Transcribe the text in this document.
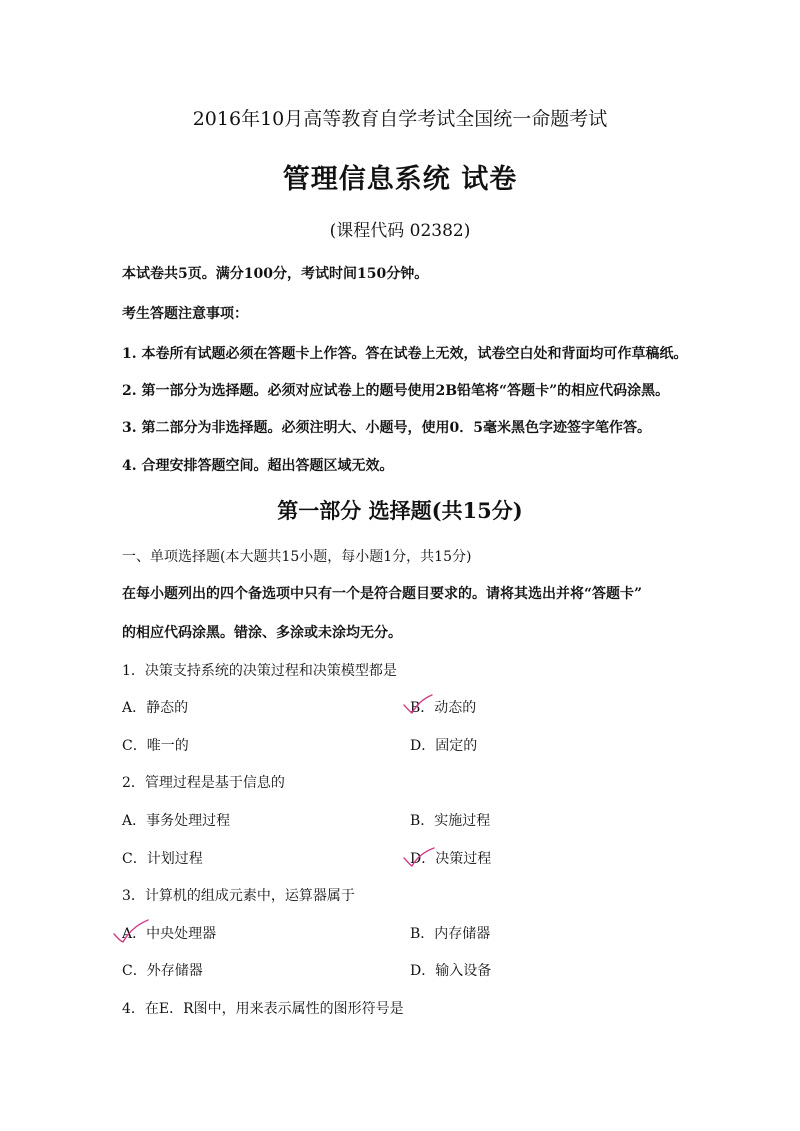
2016年10月高等教育自学考试全国统一命题考试
管理信息系统 试卷
(课程代码 02382)
本试卷共5页。满分100分，考试时间150分钟。
考生答题注意事项：
1. 本卷所有试题必须在答题卡上作答。答在试卷上无效，试卷空白处和背面均可作草稿纸。
2. 第一部分为选择题。必须对应试卷上的题号使用2B铅笔将“答题卡”的相应代码涂黑。
3. 第二部分为非选择题。必须注明大、小题号，使用0．5毫米黑色字迹签字笔作答。
4. 合理安排答题空间。超出答题区域无效。
第一部分 选择题(共15分)
一、单项选择题(本大题共15小题，每小题1分，共15分)
在每小题列出的四个备选项中只有一个是符合题目要求的。请将其选出并将“答题卡”
的相应代码涂黑。错涂、多涂或未涂均无分。
1．决策支持系统的决策过程和决策模型都是
A．静态的	B．动态的
C．唯一的	D．固定的
2．管理过程是基于信息的
A．事务处理过程	B．实施过程
C．计划过程	D．决策过程
3．计算机的组成元素中，运算器属于
A．中央处理器	B．内存储器
C．外存储器	D．输入设备
4．在E．R图中，用来表示属性的图形符号是
